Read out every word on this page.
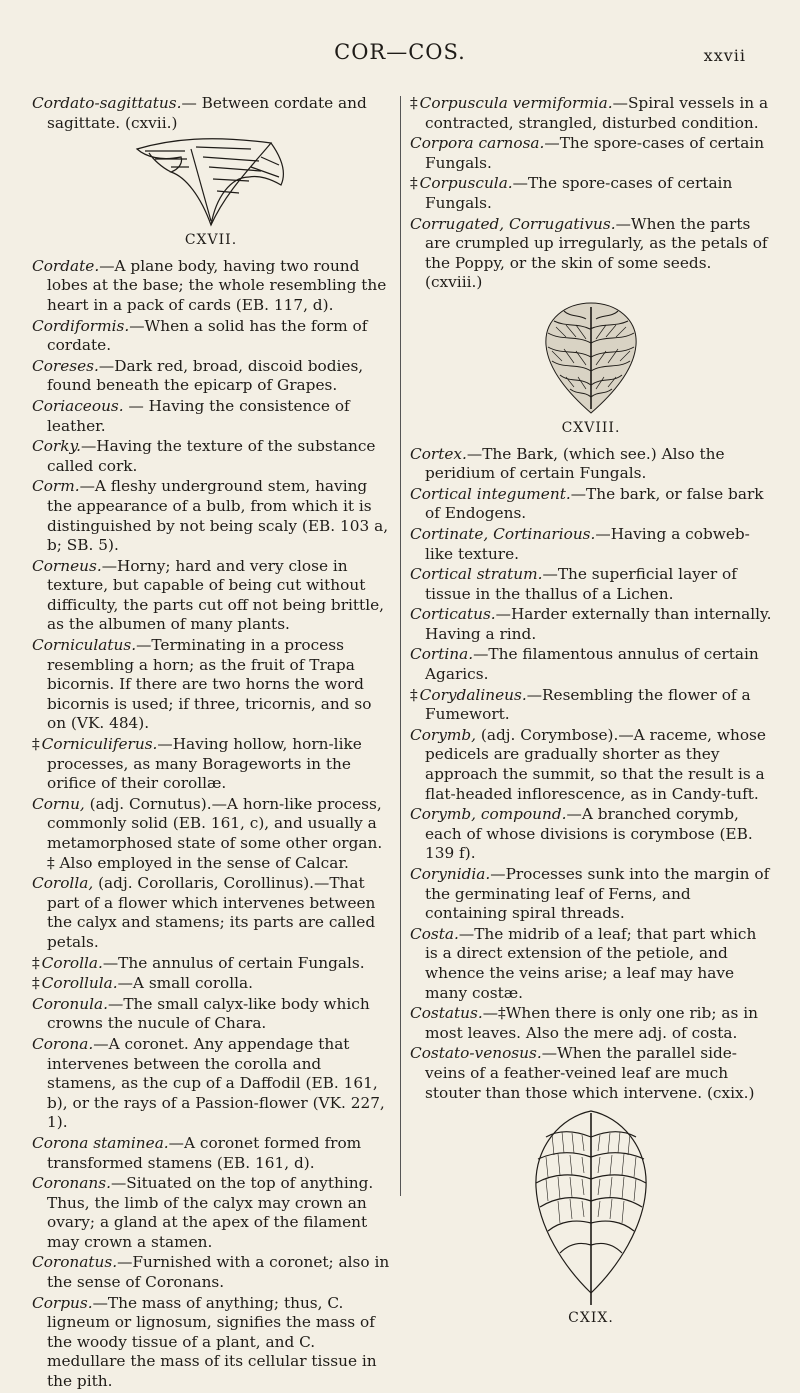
COR—COS.	xxvii

Cordato-sagittatus.— Between cordate and sagittate. (cxvii.)

CXVII.

Cordate.—A plane body, having two round lobes at the base; the whole resembling the heart in a pack of cards (EB. 117, d).

Cordiformis.—When a solid has the form of cordate.

Coreses.—Dark red, broad, discoid bodies, found beneath the epicarp of Grapes.

Coriaceous. — Having the consistence of leather.

Corky.—Having the texture of the substance called cork.

Corm.—A fleshy underground stem, having the appearance of a bulb, from which it is distinguished by not being scaly (EB. 103 a, b; SB. 5).

Corneus.—Horny; hard and very close in texture, but capable of being cut without difficulty, the parts cut off not being brittle, as the albumen of many plants.

Corniculatus.—Terminating in a process resembling a horn; as the fruit of Trapa bicornis. If there are two horns the word bicornis is used; if three, tricornis, and so on (VK. 484).

‡ Corniculiferus.—Having hollow, horn-like processes, as many Borageworts in the orifice of their corollæ.

Cornu, (adj. Cornutus).—A horn-like process, commonly solid (EB. 161, c), and usually a metamorphosed state of some other organ. ‡ Also employed in the sense of Calcar.

Corolla, (adj. Corollaris, Corollinus).—That part of a flower which intervenes between the calyx and stamens; its parts are called petals.

‡ Corolla.—The annulus of certain Fungals.

‡ Corollula.—A small corolla.

Coronula.—The small calyx-like body which crowns the nucule of Chara.

Corona.—A coronet. Any appendage that intervenes between the corolla and stamens, as the cup of a Daffodil (EB. 161, b), or the rays of a Passion-flower (VK. 227, 1).

Corona staminea.—A coronet formed from transformed stamens (EB. 161, d).

Coronans.—Situated on the top of anything. Thus, the limb of the calyx may crown an ovary; a gland at the apex of the filament may crown a stamen.

Coronatus.—Furnished with a coronet; also in the sense of Coronans.

Corpus.—The mass of anything; thus, C. ligneum or lignosum, signifies the mass of the woody tissue of a plant, and C. medullare the mass of its cellular tissue in the pith.

‡ Corpuscula vermiformia.—Spiral vessels in a contracted, strangled, disturbed condition.

Corpora carnosa.—The spore-cases of certain Fungals.

‡ Corpuscula.—The spore-cases of certain Fungals.

Corrugated, Corrugativus.—When the parts are crumpled up irregularly, as the petals of the Poppy, or the skin of some seeds. (cxviii.)

CXVIII.

Cortex.—The Bark, (which see.) Also the peridium of certain Fungals.

Cortical integument.—The bark, or false bark of Endogens.

Cortinate, Cortinarious.—Having a cobweb-like texture.

Cortical stratum.—The superficial layer of tissue in the thallus of a Lichen.

Corticatus.—Harder externally than internally. Having a rind.

Cortina.—The filamentous annulus of certain Agarics.

‡ Corydalineus.—Resembling the flower of a Fumewort.

Corymb, (adj. Corymbose).—A raceme, whose pedicels are gradually shorter as they approach the summit, so that the result is a flat-headed inflorescence, as in Candy-tuft.

Corymb, compound.—A branched corymb, each of whose divisions is corymbose (EB. 139 f).

Corynidia.—Processes sunk into the margin of the germinating leaf of Ferns, and containing spiral threads.

Costa.—The midrib of a leaf; that part which is a direct extension of the petiole, and whence the veins arise; a leaf may have many costæ.

Costatus.—‡When there is only one rib; as in most leaves. Also the mere adj. of costa.

Costato-venosus.—When the parallel side-veins of a feather-veined leaf are much stouter than those which intervene. (cxix.)

CXIX.
